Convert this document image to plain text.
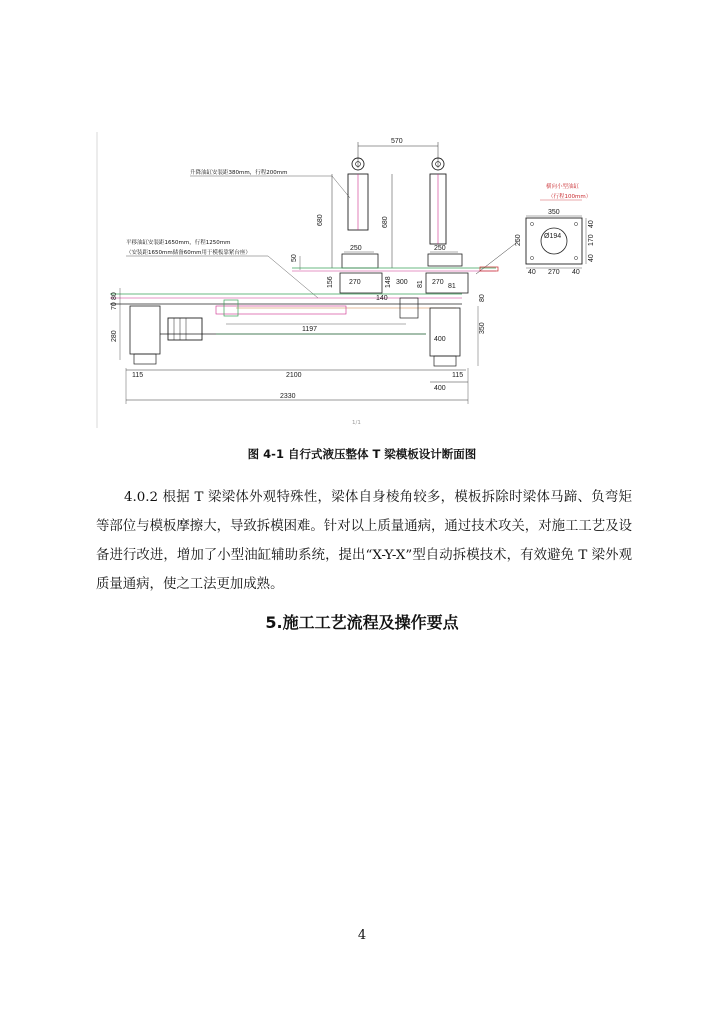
570
680	680
升降油缸安装距380mm，行程200mm
平移油缸安装距1650mm，行程1250mm
（安装距1650mm储备60mm用于模板靠紧台座）
250	250
50
156 270	148 300 81 270
81
140	80
70
80
280
1197
400
350
115	2100	115
400
2330
横向小型油缸
（行程100mm）
350
Ø194
250
40 270 40
40
170
40
1/1
图 4-1 自行式液压整体 T 梁模板设计断面图
4.0.2 根据 T 梁梁体外观特殊性，梁体自身棱角较多，模板拆除时梁体马蹄、负弯矩等部位与模板摩擦大，导致拆模困难。针对以上质量通病，通过技术攻关，对施工工艺及设备进行改进，增加了小型油缸辅助系统，提出“X-Y-X”型自动拆模技术，有效避免 T 梁外观质量通病，使之工法更加成熟。
5.施工工艺流程及操作要点
4
